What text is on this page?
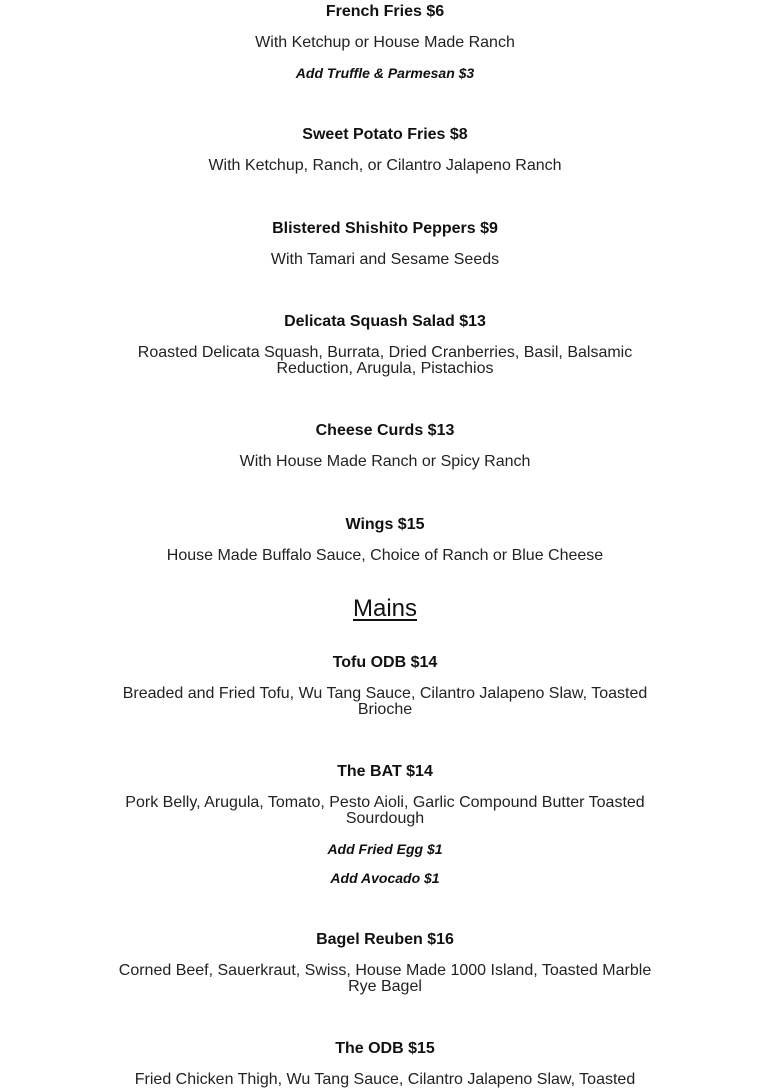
French Fries $6

With Ketchup or House Made Ranch

Add Truffle & Parmesan $3

Sweet Potato Fries $8

With Ketchup, Ranch, or Cilantro Jalapeno Ranch

Blistered Shishito Peppers $9

With Tamari and Sesame Seeds

Delicata Squash Salad $13

Roasted Delicata Squash, Burrata, Dried Cranberries, Basil, Balsamic Reduction, Arugula, Pistachios

Cheese Curds $13

With House Made Ranch or Spicy Ranch

Wings $15

House Made Buffalo Sauce, Choice of Ranch or Blue Cheese

Mains
Tofu ODB $14

Breaded and Fried Tofu, Wu Tang Sauce, Cilantro Jalapeno Slaw, Toasted Brioche

The BAT $14

Pork Belly, Arugula, Tomato, Pesto Aioli, Garlic Compound Butter Toasted Sourdough

Add Fried Egg $1

Add Avocado $1

Bagel Reuben $16

Corned Beef, Sauerkraut, Swiss, House Made 1000 Island, Toasted Marble Rye Bagel

The ODB $15

Fried Chicken Thigh, Wu Tang Sauce, Cilantro Jalapeno Slaw, Toasted
